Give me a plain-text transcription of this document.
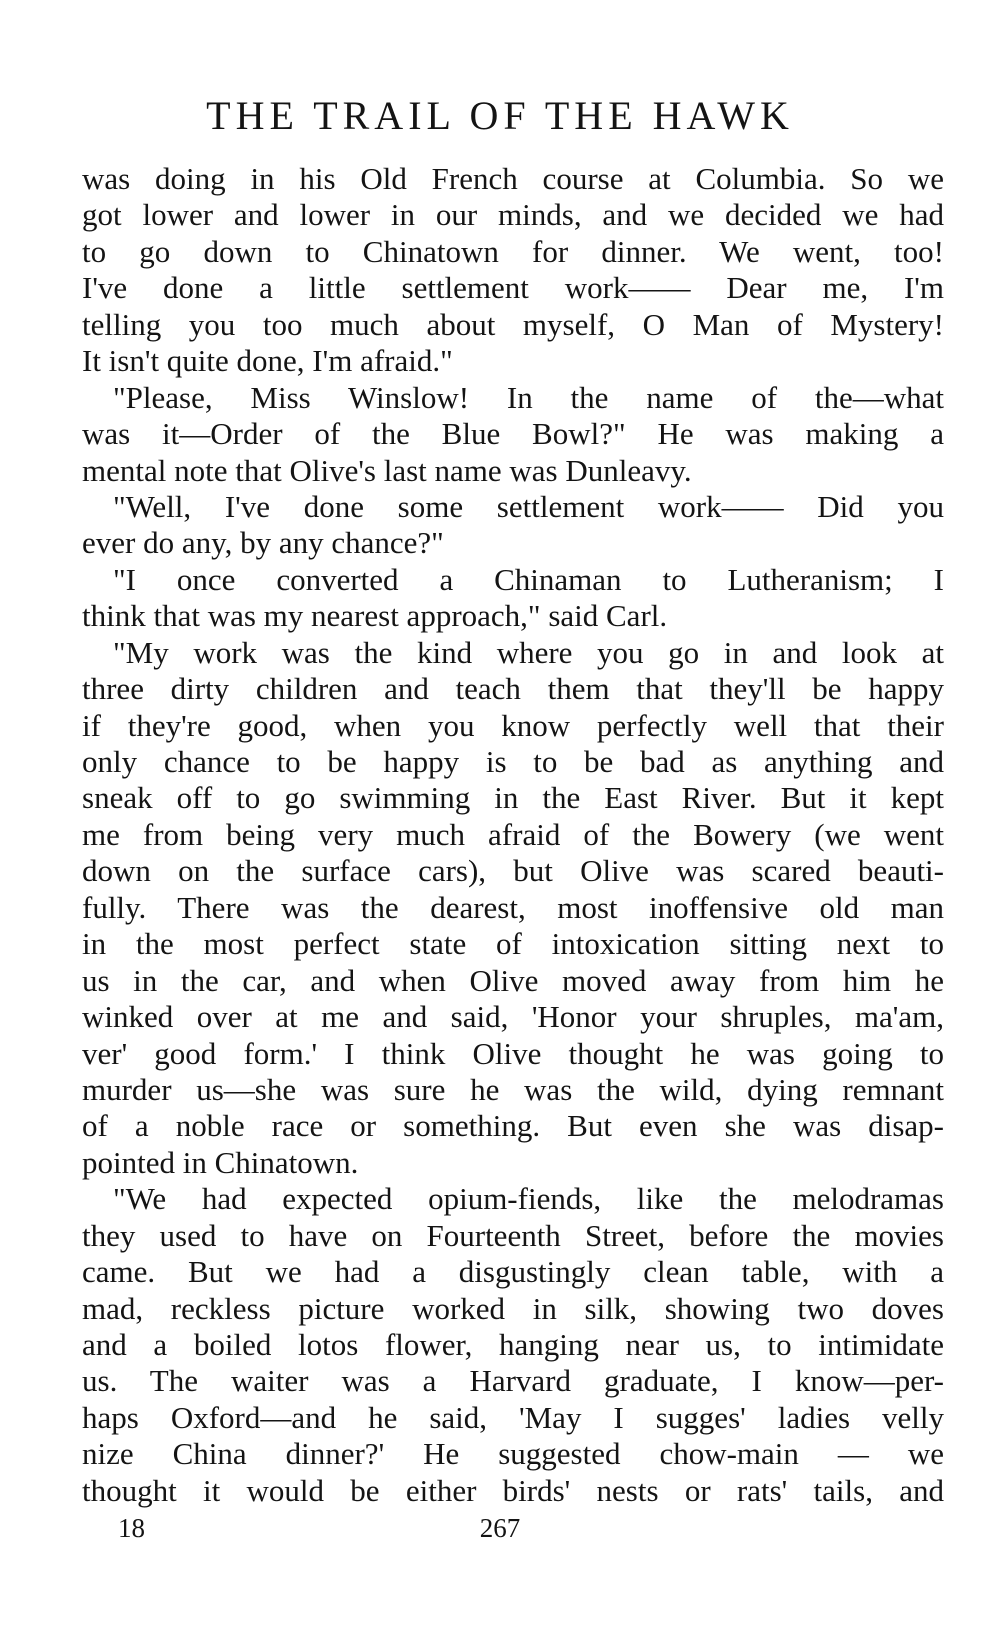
THE TRAIL OF THE HAWK
was doing in his Old French course at Columbia. So we
got lower and lower in our minds, and we decided we had
to go down to Chinatown for dinner. We went, too!
I've done a little settlement work—— Dear me, I'm
telling you too much about myself, O Man of Mystery!
It isn't quite done, I'm afraid."
 "Please, Miss Winslow! In the name of the—what
was it—Order of the Blue Bowl?" He was making a
mental note that Olive's last name was Dunleavy.
 "Well, I've done some settlement work—— Did you
ever do any, by any chance?"
 "I once converted a Chinaman to Lutheranism; I
think that was my nearest approach," said Carl.
 "My work was the kind where you go in and look at
three dirty children and teach them that they'll be happy
if they're good, when you know perfectly well that their
only chance to be happy is to be bad as anything and
sneak off to go swimming in the East River. But it kept
me from being very much afraid of the Bowery (we went
down on the surface cars), but Olive was scared beauti-
fully. There was the dearest, most inoffensive old man
in the most perfect state of intoxication sitting next to
us in the car, and when Olive moved away from him he
winked over at me and said, 'Honor your shruples, ma'am,
ver' good form.' I think Olive thought he was going to
murder us—she was sure he was the wild, dying remnant
of a noble race or something. But even she was disap-
pointed in Chinatown.
 "We had expected opium-fiends, like the melodramas
they used to have on Fourteenth Street, before the movies
came. But we had a disgustingly clean table, with a
mad, reckless picture worked in silk, showing two doves
and a boiled lotos flower, hanging near us, to intimidate
us. The waiter was a Harvard graduate, I know—per-
haps Oxford—and he said, 'May I sugges' ladies velly
nize China dinner?' He suggested chow-main — we
thought it would be either birds' nests or rats' tails, and
18	267
